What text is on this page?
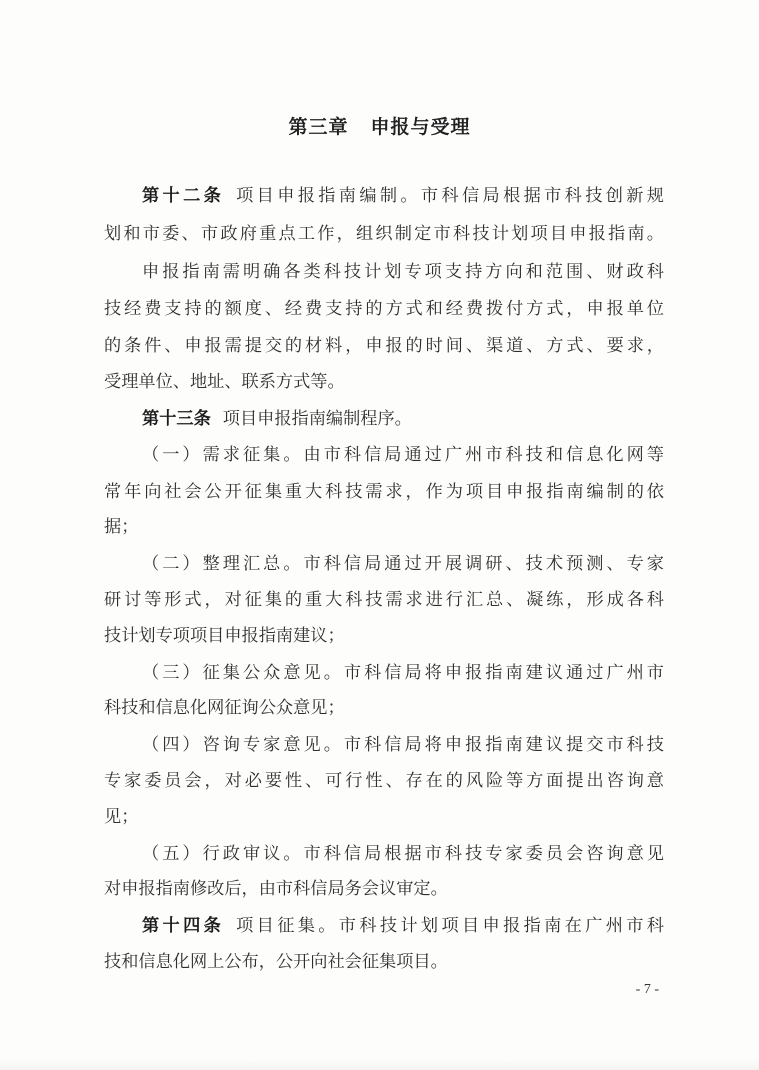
第三章 申报与受理
第十二条 项目申报指南编制。市科信局根据市科技创新规
划和市委、市政府重点工作，组织制定市科技计划项目申报指南。
申报指南需明确各类科技计划专项支持方向和范围、财政科
技经费支持的额度、经费支持的方式和经费拨付方式，申报单位
的条件、申报需提交的材料，申报的时间、渠道、方式、要求，
受理单位、地址、联系方式等。
第十三条 项目申报指南编制程序。
（一）需求征集。由市科信局通过广州市科技和信息化网等
常年向社会公开征集重大科技需求，作为项目申报指南编制的依
据；
（二）整理汇总。市科信局通过开展调研、技术预测、专家
研讨等形式，对征集的重大科技需求进行汇总、凝练，形成各科
技计划专项项目申报指南建议；
（三）征集公众意见。市科信局将申报指南建议通过广州市
科技和信息化网征询公众意见；
（四）咨询专家意见。市科信局将申报指南建议提交市科技
专家委员会，对必要性、可行性、存在的风险等方面提出咨询意
见；
（五）行政审议。市科信局根据市科技专家委员会咨询意见
对申报指南修改后，由市科信局务会议审定。
第十四条 项目征集。市科技计划项目申报指南在广州市科
技和信息化网上公布，公开向社会征集项目。
- 7 -
